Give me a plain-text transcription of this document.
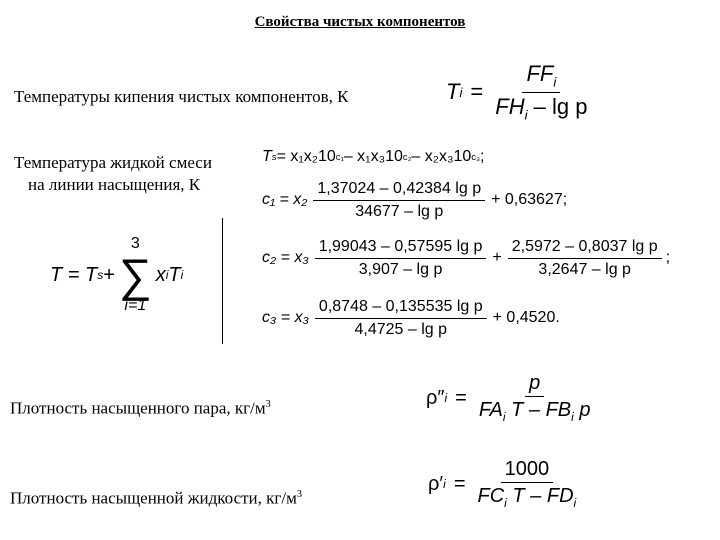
Свойства чистых компонентов
Температуры кипения чистых компонентов, К	T $i = \frac{FF_i}{FH_i - \lg p}$
Температура жидкой смеси
на линии насыщения, К
T s = x₁x₂10 c₁ – x₁x₃10 c₂ – x₂x₃10 c₃ ;
$c_1 = x_2 \frac{\text{1,37024 – 0,42384 lg p}}{\text{34677 – lg p}} + 0,63627$;
$c_2 = x_3 \frac{\text{1,99043 – 0,57595 lg p}}{\text{3,907 – lg p}} + \frac{\text{2,5972 – 0,8037 lg p}}{\text{3,2647 – lg p}}$ ;
$c_3 = x_3 \frac{\text{0,8748 – 0,135535 lg p}}{\text{4,4725 – lg p}} + 0,4520$.
T = T s +
3
∑
i=1
x i T i
Плотность насыщенного пара, $кг/м^3$	ρ″ $i = \frac{p}{FA_i T - FB_i p}$
Плотность насыщенной жидкости, $кг/м^3$	ρ′ $i = \frac{1000}{FC_i T - FD_i}$
